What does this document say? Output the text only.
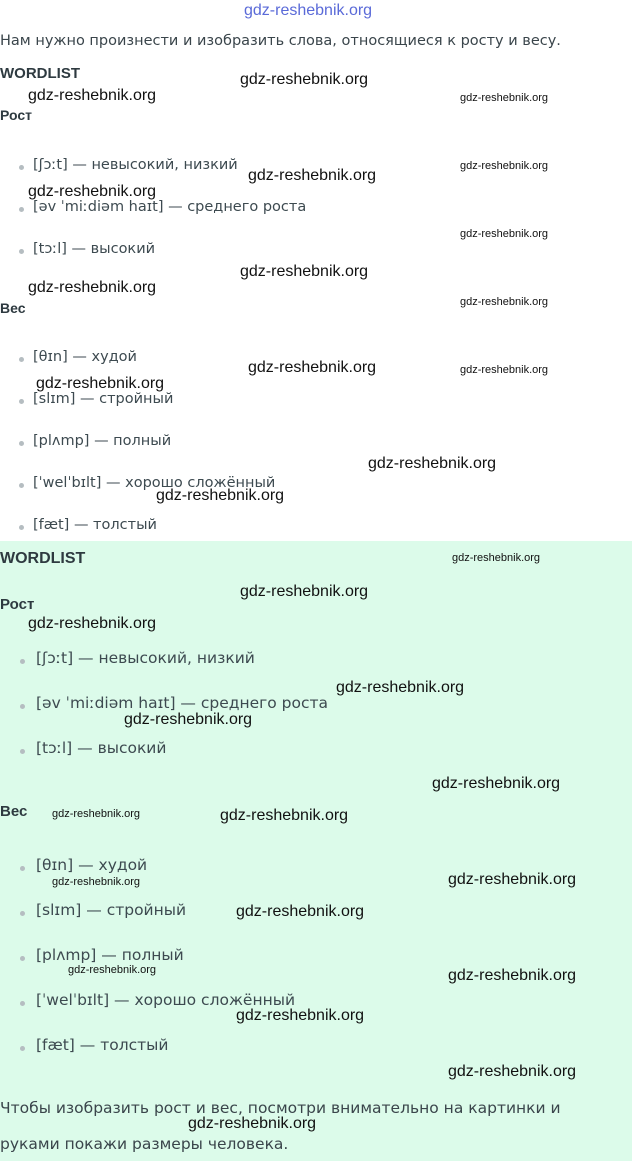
gdz-reshebnik.org

Нам нужно произнести и изобразить слова, относящиеся к росту и весу.

WORDLIST
Рост
[ʃɔːt] — невысокий, низкий
[əv ˈmiːdiəm haɪt] — среднего роста
[tɔːl] — высокий
Вес
[θɪn] — худой
[slɪm] — стройный
[plʌmp] — полный
[ˈwelˈbɪlt] — хорошо сложённый
[fæt] — толстый
WORDLIST
Рост
[ʃɔːt] — невысокий, низкий
[əv ˈmiːdiəm haɪt] — среднего роста
[tɔːl] — высокий
Вес
[θɪn] — худой
[slɪm] — стройный
[plʌmp] — полный
[ˈwelˈbɪlt] — хорошо сложённый
[fæt] — толстый
Чтобы изобразить рост и вес, посмотри внимательно на картинки и
руками покажи размеры человека.
gdz-reshebnik.org
gdz-reshebnik.org	gdz-reshebnik.org
gdz-reshebnik.org
gdz-reshebnik.org
gdz-reshebnik.org
gdz-reshebnik.org
gdz-reshebnik.org
gdz-reshebnik.org
gdz-reshebnik.org
gdz-reshebnik.org	gdz-reshebnik.org
gdz-reshebnik.org
gdz-reshebnik.org
gdz-reshebnik.org
gdz-reshebnik.org
gdz-reshebnik.org
gdz-reshebnik.org
gdz-reshebnik.org
gdz-reshebnik.org
gdz-reshebnik.org
gdz-reshebnik.org	gdz-reshebnik.org
gdz-reshebnik.org
gdz-reshebnik.org
gdz-reshebnik.org
gdz-reshebnik.org	gdz-reshebnik.org
gdz-reshebnik.org
gdz-reshebnik.org
gdz-reshebnik.org
